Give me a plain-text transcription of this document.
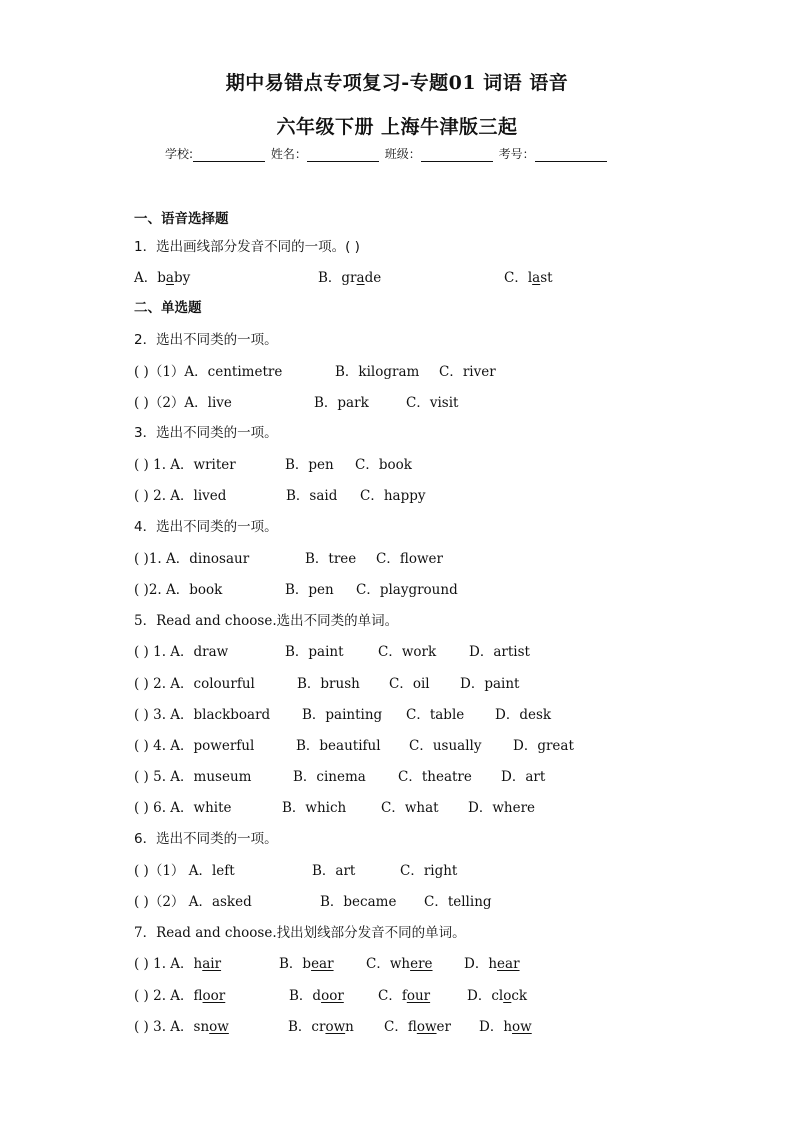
期中易错点专项复习-专题01 词语 语音
六年级下册 上海牛津版三起
学校:	姓名：	班级：	考号：
一、语音选择题
1．选出画线部分发音不同的一项。( )
A．baby	B．grade	C．last
二、单选题
2．选出不同类的一项。
( )（1）A．centimetre	B．kilogram C．river
( )（2）A．live	B．park	C．visit
3．选出不同类的一项。
( ) 1. A．writer	B．pen C．book
( ) 2. A．lived	B．said C．happy
4．选出不同类的一项。
( )1. A．dinosaur	B．tree C．flower
( )2. A．book	B．pen C．playground
5．Read and choose.选出不同类的单词。
( ) 1. A．draw	B．paint	C．work D．artist
( ) 2. A．colourful	B．brush C．oil D．paint
( ) 3. A．blackboard B．painting C．table D．desk
( ) 4. A．powerful	B．beautiful C．usually D．great
( ) 5. A．museum	B．cinema C．theatre D．art
( ) 6. A．white	B．which	C．what D．where
6．选出不同类的一项。
( )（1） A．left	B．art	C．right
( )（2） A．asked	B．became C．telling
7．Read and choose.找出划线部分发音不同的单词。
( ) 1. A．hair	B．bear C．where D．hear
( ) 2. A．floor	B．door	C．four	D．clock
( ) 3. A．snow	B．crown C．flower D．how
